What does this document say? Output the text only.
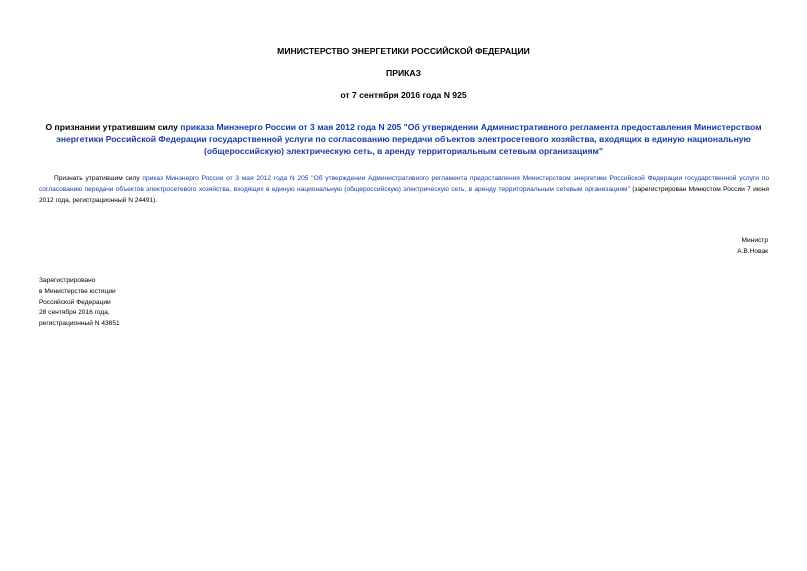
МИНИСТЕРСТВО ЭНЕРГЕТИКИ РОССИЙСКОЙ ФЕДЕРАЦИИ
ПРИКАЗ
от 7 сентября 2016 года N 925
О признании утратившим силу приказа Минэнерго России от 3 мая 2012 года N 205 "Об утверждении Административного регламента предоставления Министерством энергетики Российской Федерации государственной услуги по согласованию передачи объектов электросетевого хозяйства, входящих в единую национальную (общероссийскую) электрическую сеть, в аренду территориальным сетевым организациям"
Признать утратившим силу приказ Минэнерго России от 3 мая 2012 года N 205 "Об утверждении Административного регламента предоставления Министерством энергетики Российской Федерации государственной услуги по согласованию передачи объектов электросетевого хозяйства, входящих в единую национальную (общероссийскую) электрическую сеть, в аренду территориальным сетевым организациям" (зарегистрирован Минюстом России 7 июня 2012 года, регистрационный N 24491).
Министр
А.В.Новак
Зарегистрировано
в Министерстве юстиции
Российской Федерации
28 сентября 2016 года,
регистрационный N 43851
